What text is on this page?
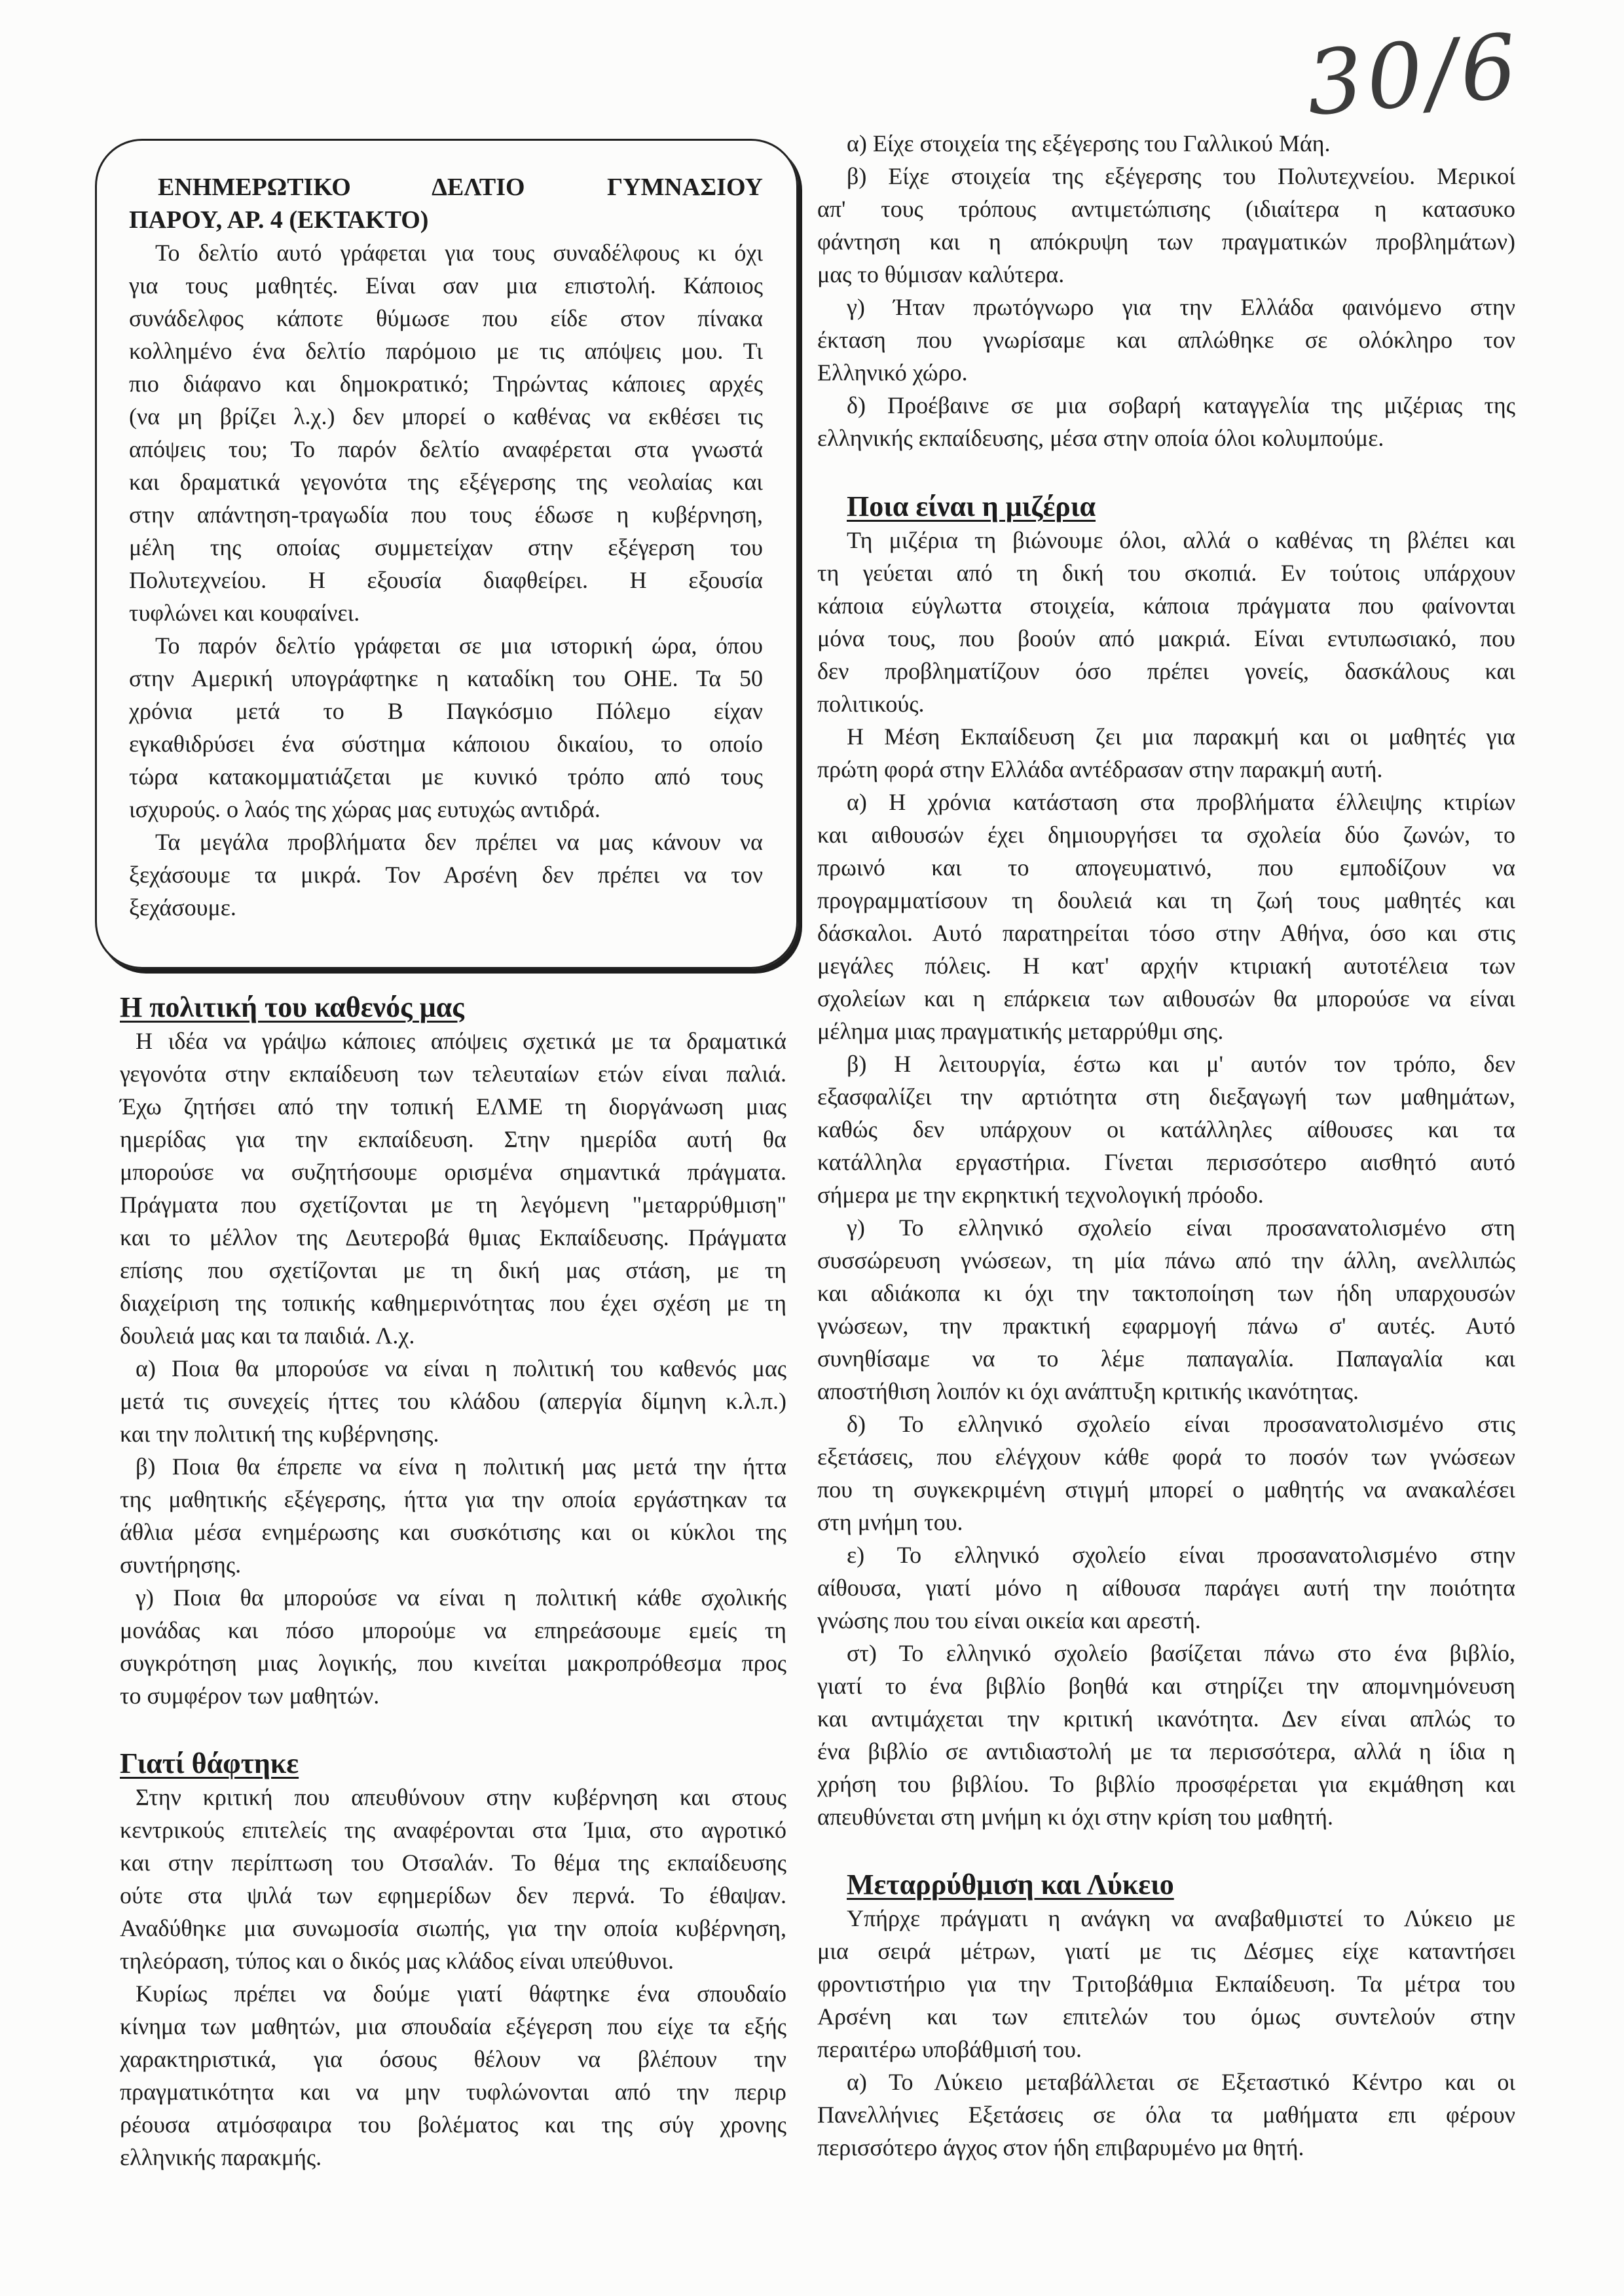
30/6
ΕΝΗΜΕΡΩΤΙΚΟ ΔΕΛΤΙΟ ΓΥΜΝΑΣΙΟΥ
ΠΑΡΟΥ, ΑΡ. 4 (ΕΚΤΑΚΤΟ)
Το δελτίο αυτό γράφεται για τους συναδέλφους κι όχι
για τους μαθητές. Είναι σαν μια επιστολή. Κάποιος
συνάδελφος κάποτε θύμωσε που είδε στον πίνακα
κολλημένο ένα δελτίο παρόμοιο με τις απόψεις μου. Τι
πιο διάφανο και δημοκρατικό; Τηρώντας κάποιες αρχές
(να μη βρίζει λ.χ.) δεν μπορεί ο καθένας να εκθέσει τις
απόψεις του; Το παρόν δελτίο αναφέρεται στα γνωστά
και δραματικά γεγονότα της εξέγερσης της νεολαίας και
στην απάντηση-τραγωδία που τους έδωσε η κυβέρνηση,
μέλη της οποίας συμμετείχαν στην εξέγερση του
Πολυτεχνείου. Η εξουσία διαφθείρει. Η εξουσία
τυφλώνει και κουφαίνει.
Το παρόν δελτίο γράφεται σε μια ιστορική ώρα, όπου
στην Αμερική υπογράφτηκε η καταδίκη του ΟΗΕ. Τα 50
χρόνια μετά το Β Παγκόσμιο Πόλεμο είχαν
εγκαθιδρύσει ένα σύστημα κάποιου δικαίου, το οποίο
τώρα κατακομματιάζεται με κυνικό τρόπο από τους
ισχυρούς. ο λαός της χώρας μας ευτυχώς αντιδρά.
Τα μεγάλα προβλήματα δεν πρέπει να μας κάνουν να
ξεχάσουμε τα μικρά. Τον Αρσένη δεν πρέπει να τον
ξεχάσουμε.
Η πολιτική του καθενός μας
Η ιδέα να γράψω κάποιες απόψεις σχετικά με τα δραματικά
γεγονότα στην εκπαίδευση των τελευταίων ετών είναι παλιά.
Έχω ζητήσει από την τοπική ΕΛΜΕ τη διοργάνωση μιας
ημερίδας για την εκπαίδευση. Στην ημερίδα αυτή θα
μπορούσε να συζητήσουμε ορισμένα σημαντικά πράγματα.
Πράγματα που σχετίζονται με τη λεγόμενη "μεταρρύθμιση"
και το μέλλον της Δευτεροβά θμιας Εκπαίδευσης. Πράγματα
επίσης που σχετίζονται με τη δική μας στάση, με τη
διαχείριση της τοπικής καθημερινότητας που έχει σχέση με τη
δουλειά μας και τα παιδιά. Λ.χ.
α) Ποια θα μπορούσε να είναι η πολιτική του καθενός μας
μετά τις συνεχείς ήττες του κλάδου (απεργία δίμηνη κ.λ.π.)
και την πολιτική της κυβέρνησης.
β) Ποια θα έπρεπε να είνα η πολιτική μας μετά την ήττα
της μαθητικής εξέγερσης, ήττα για την οποία εργάστηκαν τα
άθλια μέσα ενημέρωσης και συσκότισης και οι κύκλοι της
συντήρησης.
γ) Ποια θα μπορούσε να είναι η πολιτική κάθε σχολικής
μονάδας και πόσο μπορούμε να επηρεάσουμε εμείς τη
συγκρότηση μιας λογικής, που κινείται μακροπρόθεσμα προς
το συμφέρον των μαθητών.
Γιατί θάφτηκε
Στην κριτική που απευθύνουν στην κυβέρνηση και στους
κεντρικούς επιτελείς της αναφέρονται στα Ίμια, στο αγροτικό
και στην περίπτωση του Οτσαλάν. Το θέμα της εκπαίδευσης
ούτε στα ψιλά των εφημερίδων δεν περνά. Το έθαψαν.
Αναδύθηκε μια συνωμοσία σιωπής, για την οποία κυβέρνηση,
τηλεόραση, τύπος και ο δικός μας κλάδος είναι υπεύθυνοι.
Κυρίως πρέπει να δούμε γιατί θάφτηκε ένα σπουδαίο
κίνημα των μαθητών, μια σπουδαία εξέγερση που είχε τα εξής
χαρακτηριστικά, για όσους θέλουν να βλέπουν την
πραγματικότητα και να μην τυφλώνονται από την περιρ
ρέουσα ατμόσφαιρα του βολέματος και της σύγ χρονης
ελληνικής παρακμής.
α) Είχε στοιχεία της εξέγερσης του Γαλλικού Μάη.
β) Είχε στοιχεία της εξέγερσης του Πολυτεχνείου. Μερικοί
απ' τους τρόπους αντιμετώπισης (ιδιαίτερα η κατασυκο
φάντηση και η απόκρυψη των πραγματικών προβλημάτων)
μας το θύμισαν καλύτερα.
γ) Ήταν πρωτόγνωρο για την Ελλάδα φαινόμενο στην
έκταση που γνωρίσαμε και απλώθηκε σε ολόκληρο τον
Ελληνικό χώρο.
δ) Προέβαινε σε μια σοβαρή καταγγελία της μιζέριας της
ελληνικής εκπαίδευσης, μέσα στην οποία όλοι κολυμπούμε.
Ποια είναι η μιζέρια
Τη μιζέρια τη βιώνουμε όλοι, αλλά ο καθένας τη βλέπει και
τη γεύεται από τη δική του σκοπιά. Εν τούτοις υπάρχουν
κάποια εύγλωττα στοιχεία, κάποια πράγματα που φαίνονται
μόνα τους, που βοούν από μακριά. Είναι εντυπωσιακό, που
δεν προβληματίζουν όσο πρέπει γονείς, δασκάλους και
πολιτικούς.
Η Μέση Εκπαίδευση ζει μια παρακμή και οι μαθητές για
πρώτη φορά στην Ελλάδα αντέδρασαν στην παρακμή αυτή.
α) Η χρόνια κατάσταση στα προβλήματα έλλειψης κτιρίων
και αιθουσών έχει δημιουργήσει τα σχολεία δύο ζωνών, το
πρωινό και το απογευματινό, που εμποδίζουν να
προγραμματίσουν τη δουλειά και τη ζωή τους μαθητές και
δάσκαλοι. Αυτό παρατηρείται τόσο στην Αθήνα, όσο και στις
μεγάλες πόλεις. Η κατ' αρχήν κτιριακή αυτοτέλεια των
σχολείων και η επάρκεια των αιθουσών θα μπορούσε να είναι
μέλημα μιας πραγματικής μεταρρύθμι σης.
β) Η λειτουργία, έστω και μ' αυτόν τον τρόπο, δεν
εξασφαλίζει την αρτιότητα στη διεξαγωγή των μαθημάτων,
καθώς δεν υπάρχουν οι κατάλληλες αίθουσες και τα
κατάλληλα εργαστήρια. Γίνεται περισσότερο αισθητό αυτό
σήμερα με την εκρηκτική τεχνολογική πρόοδο.
γ) Το ελληνικό σχολείο είναι προσανατολισμένο στη
συσσώρευση γνώσεων, τη μία πάνω από την άλλη, ανελλιπώς
και αδιάκοπα κι όχι την τακτοποίηση των ήδη υπαρχουσών
γνώσεων, την πρακτική εφαρμογή πάνω σ' αυτές. Αυτό
συνηθίσαμε να το λέμε παπαγαλία. Παπαγαλία και
αποστήθιση λοιπόν κι όχι ανάπτυξη κριτικής ικανότητας.
δ) Το ελληνικό σχολείο είναι προσανατολισμένο στις
εξετάσεις, που ελέγχουν κάθε φορά το ποσόν των γνώσεων
που τη συγκεκριμένη στιγμή μπορεί ο μαθητής να ανακαλέσει
στη μνήμη του.
ε) Το ελληνικό σχολείο είναι προσανατολισμένο στην
αίθουσα, γιατί μόνο η αίθουσα παράγει αυτή την ποιότητα
γνώσης που του είναι οικεία και αρεστή.
στ) Το ελληνικό σχολείο βασίζεται πάνω στο ένα βιβλίο,
γιατί το ένα βιβλίο βοηθά και στηρίζει την απομνημόνευση
και αντιμάχεται την κριτική ικανότητα. Δεν είναι απλώς το
ένα βιβλίο σε αντιδιαστολή με τα περισσότερα, αλλά η ίδια η
χρήση του βιβλίου. Το βιβλίο προσφέρεται για εκμάθηση και
απευθύνεται στη μνήμη κι όχι στην κρίση του μαθητή.
Μεταρρύθμιση και Λύκειο
Υπήρχε πράγματι η ανάγκη να αναβαθμιστεί το Λύκειο με
μια σειρά μέτρων, γιατί με τις Δέσμες είχε καταντήσει
φροντιστήριο για την Τριτοβάθμια Εκπαίδευση. Τα μέτρα του
Αρσένη και των επιτελών του όμως συντελούν στην
περαιτέρω υποβάθμισή του.
α) Το Λύκειο μεταβάλλεται σε Εξεταστικό Κέντρο και οι
Πανελλήνιες Εξετάσεις σε όλα τα μαθήματα επι φέρουν
περισσότερο άγχος στον ήδη επιβαρυμένο μα θητή.
